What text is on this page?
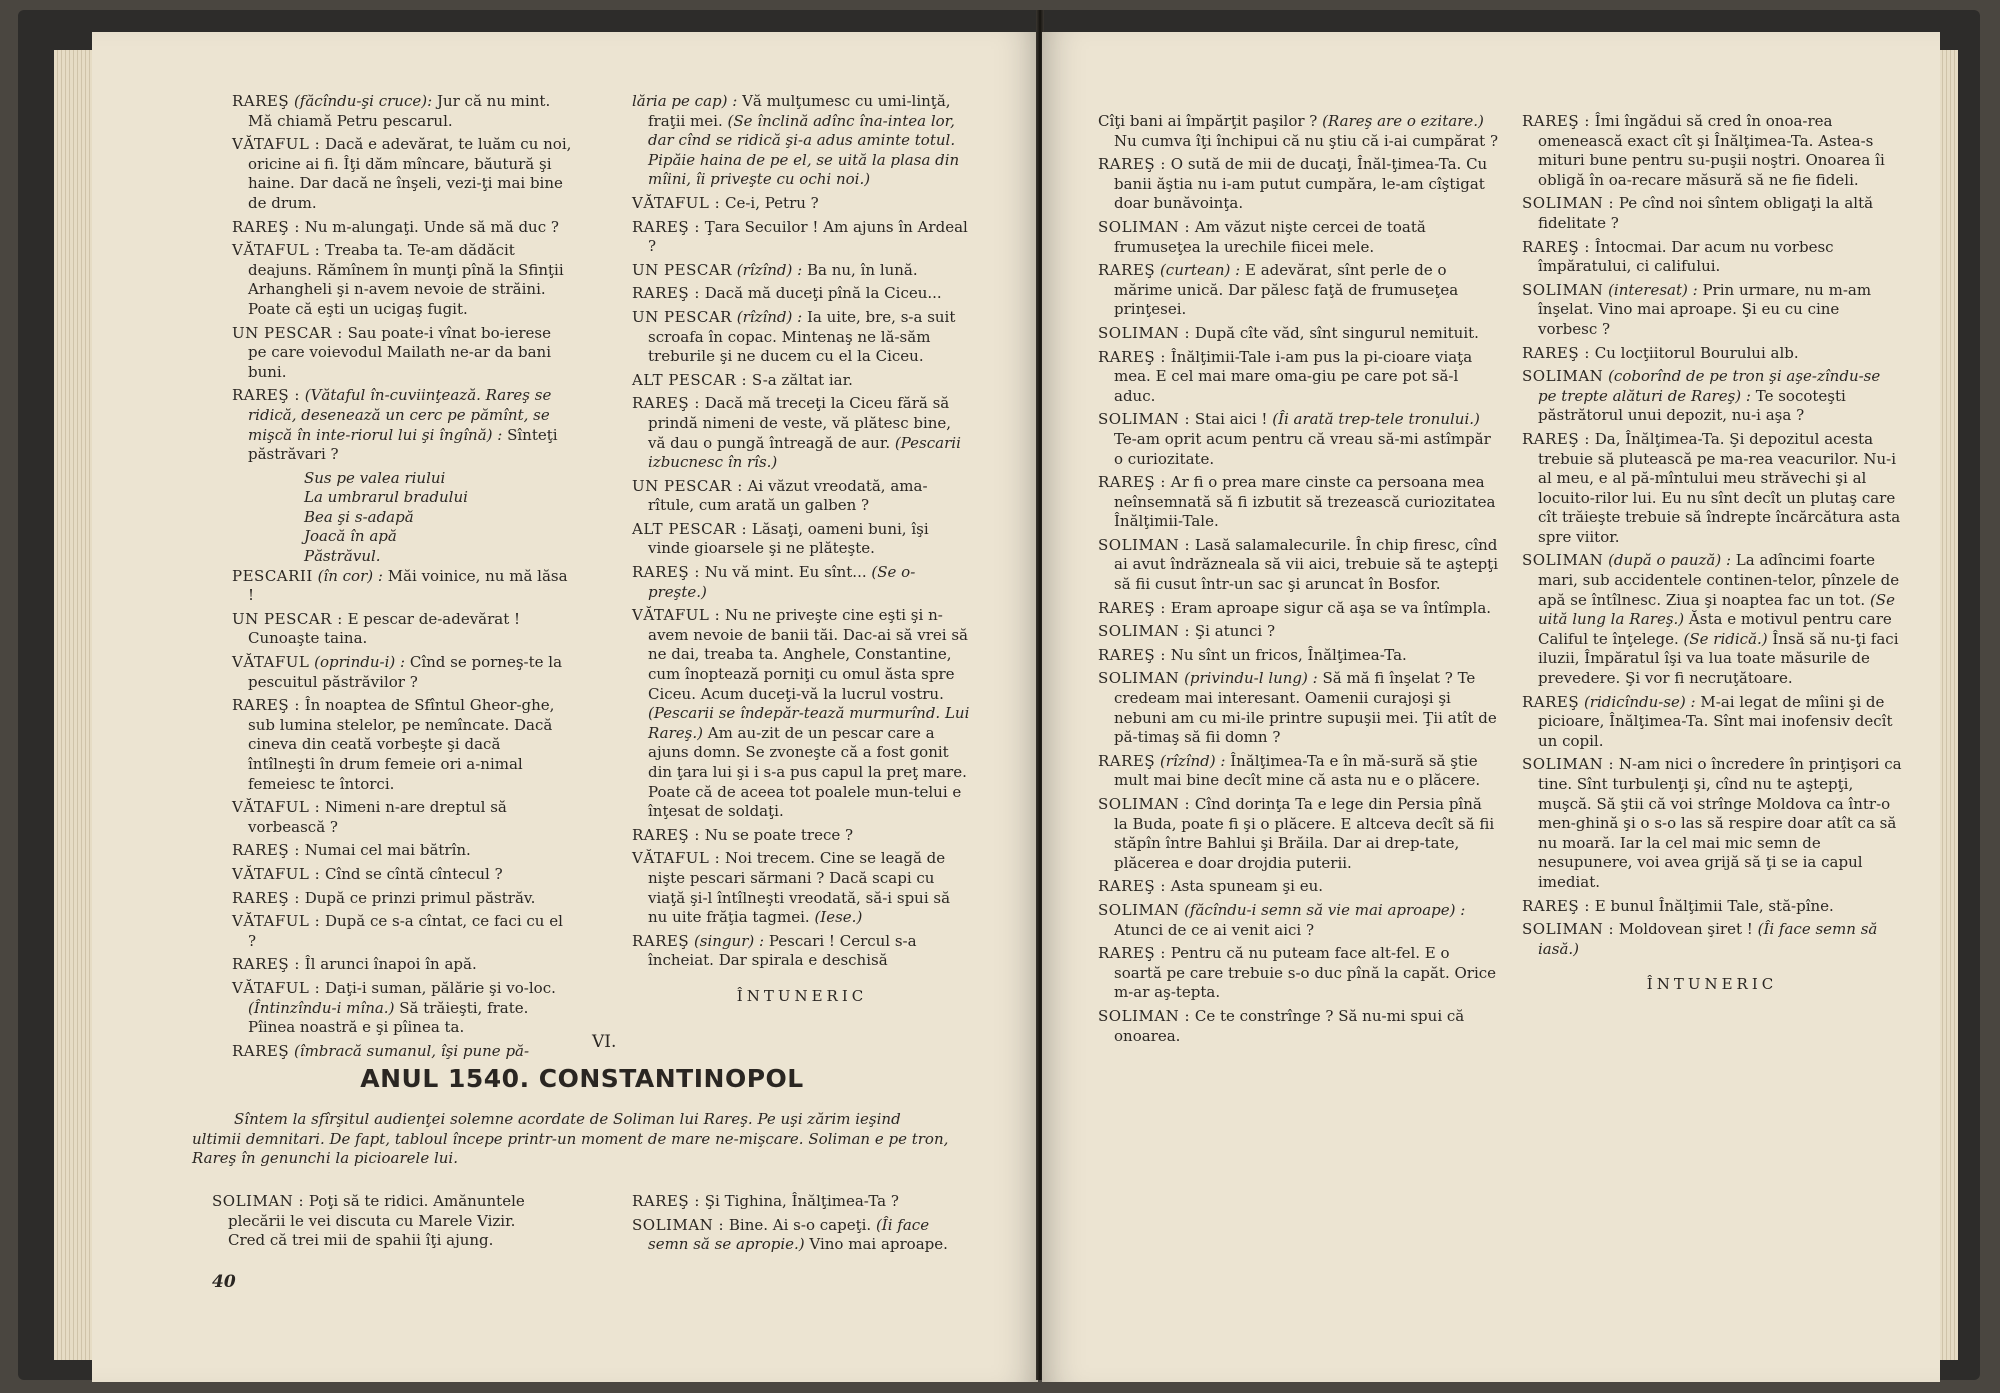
RAREŞ (făcîndu-şi cruce): Jur că nu mint. Mă chiamă Petru pescarul.

VĂTAFUL : Dacă e adevărat, te luăm cu noi, oricine ai fi. Îţi dăm mîncare, băutură şi haine. Dar dacă ne înşeli, vezi-ţi mai bine de drum.

RAREŞ : Nu m-alungaţi. Unde să mă duc ?

VĂTAFUL : Treaba ta. Te-am dădăcit deajuns. Rămînem în munţi pînă la Sfinţii Arhangheli şi n-avem nevoie de străini. Poate că eşti un ucigaş fugit.

UN PESCAR : Sau poate-i vînat bo-ierese pe care voievodul Mailath ne-ar da bani buni.

RAREŞ : (Vătaful în-cuviinţează. Rareş se ridică, desenează un cerc pe pămînt, se mişcă în inte-riorul lui şi îngînă) : Sînteţi păstrăvari ?

Sus pe valea riului

La umbrarul bradului

Bea şi s-adapă

Joacă în apă

Păstrăvul.

PESCARII (în cor) : Măi voinice, nu mă lăsa !

UN PESCAR : E pescar de-adevărat ! Cunoaşte taina.

VĂTAFUL (oprindu-i) : Cînd se porneş-te la pescuitul păstrăvilor ?

RAREŞ : În noaptea de Sfîntul Gheor-ghe, sub lumina stelelor, pe nemîncate. Dacă cineva din ceată vorbeşte şi dacă întîlneşti în drum femeie ori a-nimal femeiesc te întorci.

VĂTAFUL : Nimeni n-are dreptul să vorbească ?

RAREŞ : Numai cel mai bătrîn.

VĂTAFUL : Cînd se cîntă cîntecul ?

RAREŞ : După ce prinzi primul păstrăv.

VĂTAFUL : După ce s-a cîntat, ce faci cu el ?

RAREŞ : Îl arunci înapoi în apă.

VĂTAFUL : Daţi-i suman, pălărie şi vo-loc. (Întinzîndu-i mîna.) Să trăieşti, frate. Pîinea noastră e şi pîinea ta.

RAREŞ (îmbracă sumanul, îşi pune pă-

lăria pe cap) : Vă mulţumesc cu umi-linţă, fraţii mei. (Se înclină adînc îna-intea lor, dar cînd se ridică şi-a adus aminte totul. Pipăie haina de pe el, se uită la plasa din mîini, îi priveşte cu ochi noi.)

VĂTAFUL : Ce-i, Petru ?

RAREŞ : Ţara Secuilor ! Am ajuns în Ardeal ?

UN PESCAR (rîzînd) : Ba nu, în lună.

RAREŞ : Dacă mă duceţi pînă la Ciceu...

UN PESCAR (rîzînd) : Ia uite, bre, s-a suit scroafa în copac. Mintenaş ne lă-săm treburile şi ne ducem cu el la Ciceu.

ALT PESCAR : S-a zăltat iar.

RAREŞ : Dacă mă treceţi la Ciceu fără să prindă nimeni de veste, vă plătesc bine, vă dau o pungă întreagă de aur. (Pescarii izbucnesc în rîs.)

UN PESCAR : Ai văzut vreodată, ama-rîtule, cum arată un galben ?

ALT PESCAR : Lăsaţi, oameni buni, îşi vinde gioarsele şi ne plăteşte.

RAREŞ : Nu vă mint. Eu sînt... (Se o-preşte.)

VĂTAFUL : Nu ne priveşte cine eşti şi n-avem nevoie de banii tăi. Dac-ai să vrei să ne dai, treaba ta. Anghele, Constantine, cum înoptează porniţi cu omul ăsta spre Ciceu. Acum duceţi-vă la lucrul vostru. (Pescarii se îndepăr-tează murmurînd. Lui Rareş.) Am au-zit de un pescar care a ajuns domn. Se zvoneşte că a fost gonit din ţara lui şi i s-a pus capul la preţ mare. Poate că de aceea tot poalele mun-telui e înţesat de soldaţi.

RAREŞ : Nu se poate trece ?

VĂTAFUL : Noi trecem. Cine se leagă de nişte pescari sărmani ? Dacă scapi cu viaţă şi-l întîlneşti vreodată, să-i spui să nu uite frăţia tagmei. (Iese.)

RAREŞ (singur) : Pescari ! Cercul s-a încheiat. Dar spirala e deschisă

ÎNTUNERIC
VI.
ANUL 1540. CONSTANTINOPOL
Sîntem la sfîrşitul audienţei solemne acordate de Soliman lui Rareş. Pe uşi zărim ieşind ultimii demnitari. De fapt, tabloul începe printr-un moment de mare ne-mişcare. Soliman e pe tron, Rareş în genunchi la picioarele lui.

SOLIMAN : Poţi să te ridici. Amănuntele plecării le vei discuta cu Marele Vizir. Cred că trei mii de spahii îţi ajung.

RAREŞ : Şi Tighina, Înălţimea-Ta ?

SOLIMAN : Bine. Ai s-o capeţi. (Îi face semn să se apropie.) Vino mai aproape.

40

Cîţi bani ai împărţit paşilor ? (Rareş are o ezitare.) Nu cumva îţi închipui că nu ştiu că i-ai cumpărat ?

RAREŞ : O sută de mii de ducaţi, Înăl-ţimea-Ta. Cu banii ăştia nu i-am putut cumpăra, le-am cîştigat doar bunăvoinţa.

SOLIMAN : Am văzut nişte cercei de toată frumuseţea la urechile fiicei mele.

RAREŞ (curtean) : E adevărat, sînt perle de o mărime unică. Dar pălesc faţă de frumuseţea prinţesei.

SOLIMAN : După cîte văd, sînt singurul nemituit.

RAREŞ : Înălţimii-Tale i-am pus la pi-cioare viaţa mea. E cel mai mare oma-giu pe care pot să-l aduc.

SOLIMAN : Stai aici ! (Îi arată trep-tele tronului.) Te-am oprit acum pentru că vreau să-mi astîmpăr o curiozitate.

RAREŞ : Ar fi o prea mare cinste ca persoana mea neînsemnată să fi izbutit să trezească curiozitatea Înălţimii-Tale.

SOLIMAN : Lasă salamalecurile. În chip firesc, cînd ai avut îndrăzneala să vii aici, trebuie să te aştepţi să fii cusut într-un sac şi aruncat în Bosfor.

RAREŞ : Eram aproape sigur că aşa se va întîmpla.

SOLIMAN : Şi atunci ?

RAREŞ : Nu sînt un fricos, Înălţimea-Ta.

SOLIMAN (privindu-l lung) : Să mă fi înşelat ? Te credeam mai interesant. Oamenii curajoşi şi nebuni am cu mi-ile printre supuşii mei. Ţii atît de pă-timaş să fii domn ?

RAREŞ (rîzînd) : Înălţimea-Ta e în mă-sură să ştie mult mai bine decît mine că asta nu e o plăcere.

SOLIMAN : Cînd dorinţa Ta e lege din Persia pînă la Buda, poate fi şi o plăcere. E altceva decît să fii stăpîn între Bahlui şi Brăila. Dar ai drep-tate, plăcerea e doar drojdia puterii.

RAREŞ : Asta spuneam şi eu.

SOLIMAN (făcîndu-i semn să vie mai aproape) : Atunci de ce ai venit aici ?

RAREŞ : Pentru că nu puteam face alt-fel. E o soartă pe care trebuie s-o duc pînă la capăt. Orice m-ar aş-tepta.

SOLIMAN : Ce te constrînge ? Să nu-mi spui că onoarea.

RAREŞ : Îmi îngădui să cred în onoa-rea omenească exact cît şi Înălţimea-Ta. Astea-s mituri bune pentru su-puşii noştri. Onoarea îi obligă în oa-recare măsură să ne fie fideli.

SOLIMAN : Pe cînd noi sîntem obligaţi la altă fidelitate ?

RAREŞ : Întocmai. Dar acum nu vorbesc împăratului, ci califului.

SOLIMAN (interesat) : Prin urmare, nu m-am înşelat. Vino mai aproape. Şi eu cu cine vorbesc ?

RAREŞ : Cu locţiitorul Bourului alb.

SOLIMAN (coborînd de pe tron şi aşe-zîndu-se pe treptе alături de Rareş) : Te socoteşti păstrătorul unui depozit, nu-i aşa ?

RAREŞ : Da, Înălţimea-Ta. Şi depozitul acesta trebuie să plutească pe ma-rea veacurilor. Nu-i al meu, e al pă-mîntului meu străvechi şi al locuito-rilor lui. Eu nu sînt decît un plutaş care cît trăieşte trebuie să îndrepte încărcătura asta spre viitor.

SOLIMAN (după o pauză) : La adîncimi foarte mari, sub accidentele continen-telor, pînzele de apă se întîlnesc. Ziua şi noaptea fac un tot. (Se uită lung la Rareş.) Ăsta e motivul pentru care Califul te înţelege. (Se ridică.) Însă să nu-ţi faci iluzii, Împăratul îşi va lua toate măsurile de prevedere. Şi vor fi necruţătoare.

RAREŞ (ridicîndu-se) : M-ai legat de mîini şi de picioare, Înălţimea-Ta. Sînt mai inofensiv decît un copil.

SOLIMAN : N-am nici o încredere în prinţişori ca tine. Sînt turbulenţi şi, cînd nu te aştepţi, muşcă. Să ştii că voi strînge Moldova ca într-o men-ghină şi o s-o las să respire doar atît ca să nu moară. Iar la cel mai mic semn de nesupunere, voi avea grijă să ţi se ia capul imediat.

RAREŞ : E bunul Înălţimii Tale, stă-pîne.

SOLIMAN : Moldovean şiret ! (Îi face semn să iasă.)

ÎNTUNERIC
